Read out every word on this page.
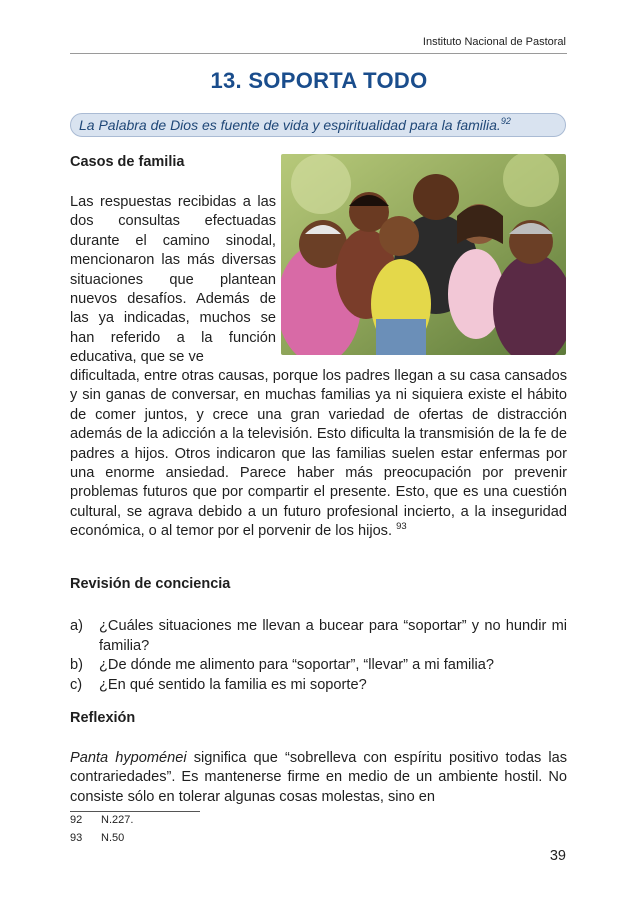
Instituto Nacional de Pastoral
13. SOPORTA TODO
La Palabra de Dios es fuente de vida y espiritualidad para la familia.$^{92}$
Casos de familia

Las respuestas recibidas a las dos consultas efectuadas durante el camino sinodal, mencionaron las más diversas situaciones que plantean nuevos desafíos. Además de las ya indicadas, muchos se han referido a la función educativa, que se ve

dificultada, entre otras causas, porque los padres llegan a su casa cansados y sin ganas de conversar, en muchas familias ya ni siquiera existe el hábito de comer juntos, y crece una gran variedad de ofertas de distracción además de la adicción a la televisión. Esto dificulta la transmisión de la fe de padres a hijos. Otros indicaron que las familias suelen estar enfermas por una enorme ansiedad. Parece haber más preocupación por prevenir problemas futuros que por compartir el presente. Esto, que es una cuestión cultural, se agrava debido a un futuro profesional incierto, a la inseguridad económica, o al temor por el porvenir de los hijos. $^{93}$

Revisión de conciencia
a)	¿Cuáles situaciones me llevan a bucear para “soportar” y no hundir mi familia?
b)	¿De dónde me alimento para “soportar”, “llevar” a mi familia?
c)	¿En qué sentido la familia es mi soporte?
Reflexión

Panta hypoménei significa que “sobrelleva con espíritu positivo todas las contrariedades”. Es mantenerse firme en medio de un ambiente hostil. No consiste sólo en tolerar algunas cosas molestas, sino en

92	N.227.
93	N.50
39
